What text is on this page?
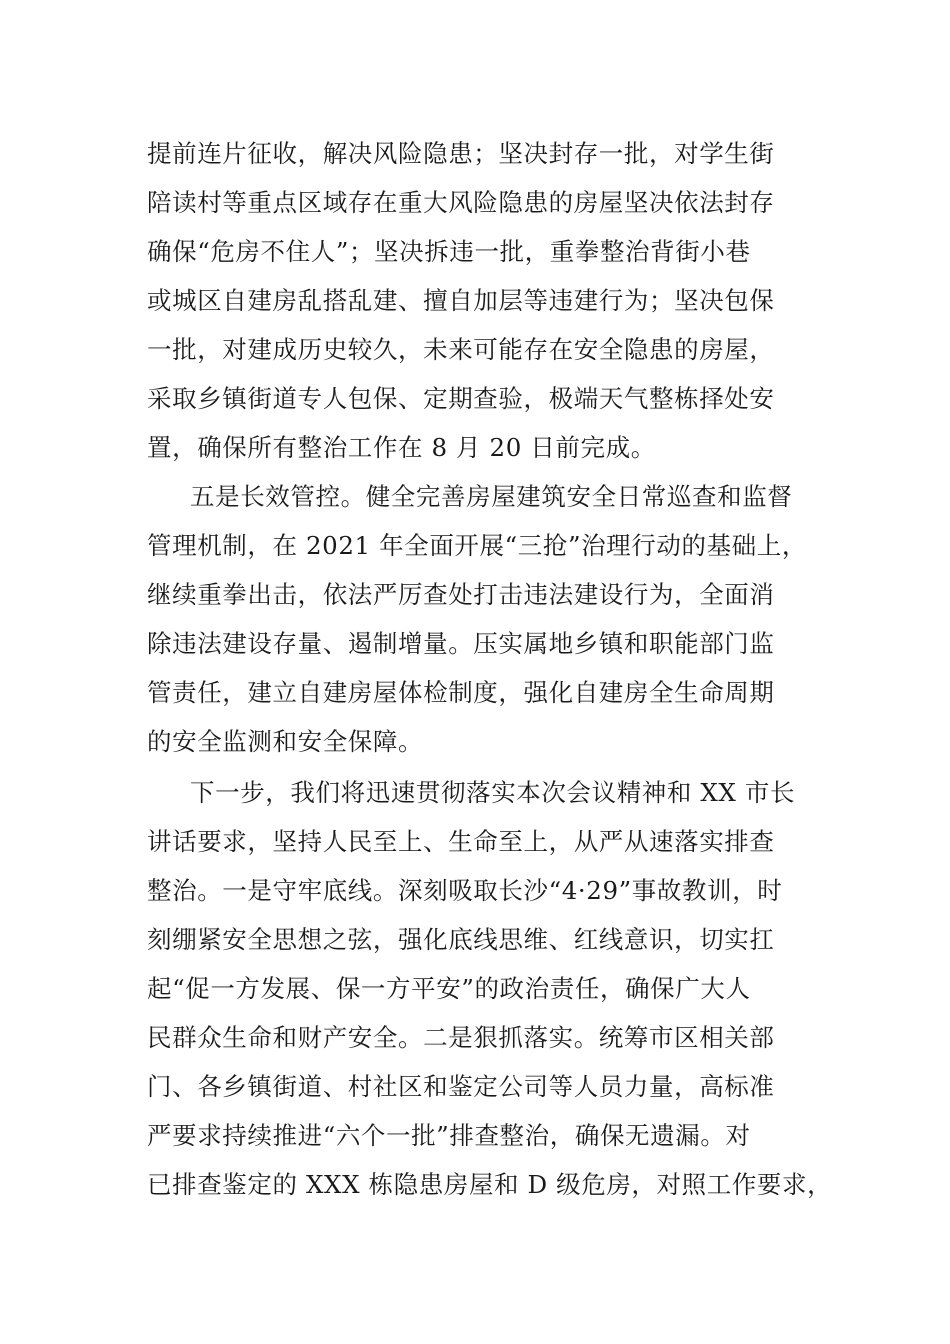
提前连片征收，解决风险隐患；坚决封存一批，对学生街
陪读村等重点区域存在重大风险隐患的房屋坚决依法封存
确保“危房不住人”；坚决拆违一批，重拳整治背街小巷
或城区自建房乱搭乱建、擅自加层等违建行为；坚决包保
一批，对建成历史较久，未来可能存在安全隐患的房屋，
采取乡镇街道专人包保、定期查验，极端天气整栋择处安
置，确保所有整治工作在 8 月 20 日前完成。
五是长效管控。健全完善房屋建筑安全日常巡查和监督
管理机制，在 2021 年全面开展“三抢”治理行动的基础上，
继续重拳出击，依法严厉查处打击违法建设行为，全面消
除违法建设存量、遏制增量。压实属地乡镇和职能部门监
管责任，建立自建房屋体检制度，强化自建房全生命周期
的安全监测和安全保障。
下一步，我们将迅速贯彻落实本次会议精神和 XX 市长
讲话要求，坚持人民至上、生命至上，从严从速落实排查
整治。一是守牢底线。深刻吸取长沙“4·29”事故教训，时
刻绷紧安全思想之弦，强化底线思维、红线意识，切实扛
起“促一方发展、保一方平安”的政治责任，确保广大人
民群众生命和财产安全。二是狠抓落实。统筹市区相关部
门、各乡镇街道、村社区和鉴定公司等人员力量，高标准
严要求持续推进“六个一批”排查整治，确保无遗漏。对
已排查鉴定的 XXX 栋隐患房屋和 D 级危房，对照工作要求，
